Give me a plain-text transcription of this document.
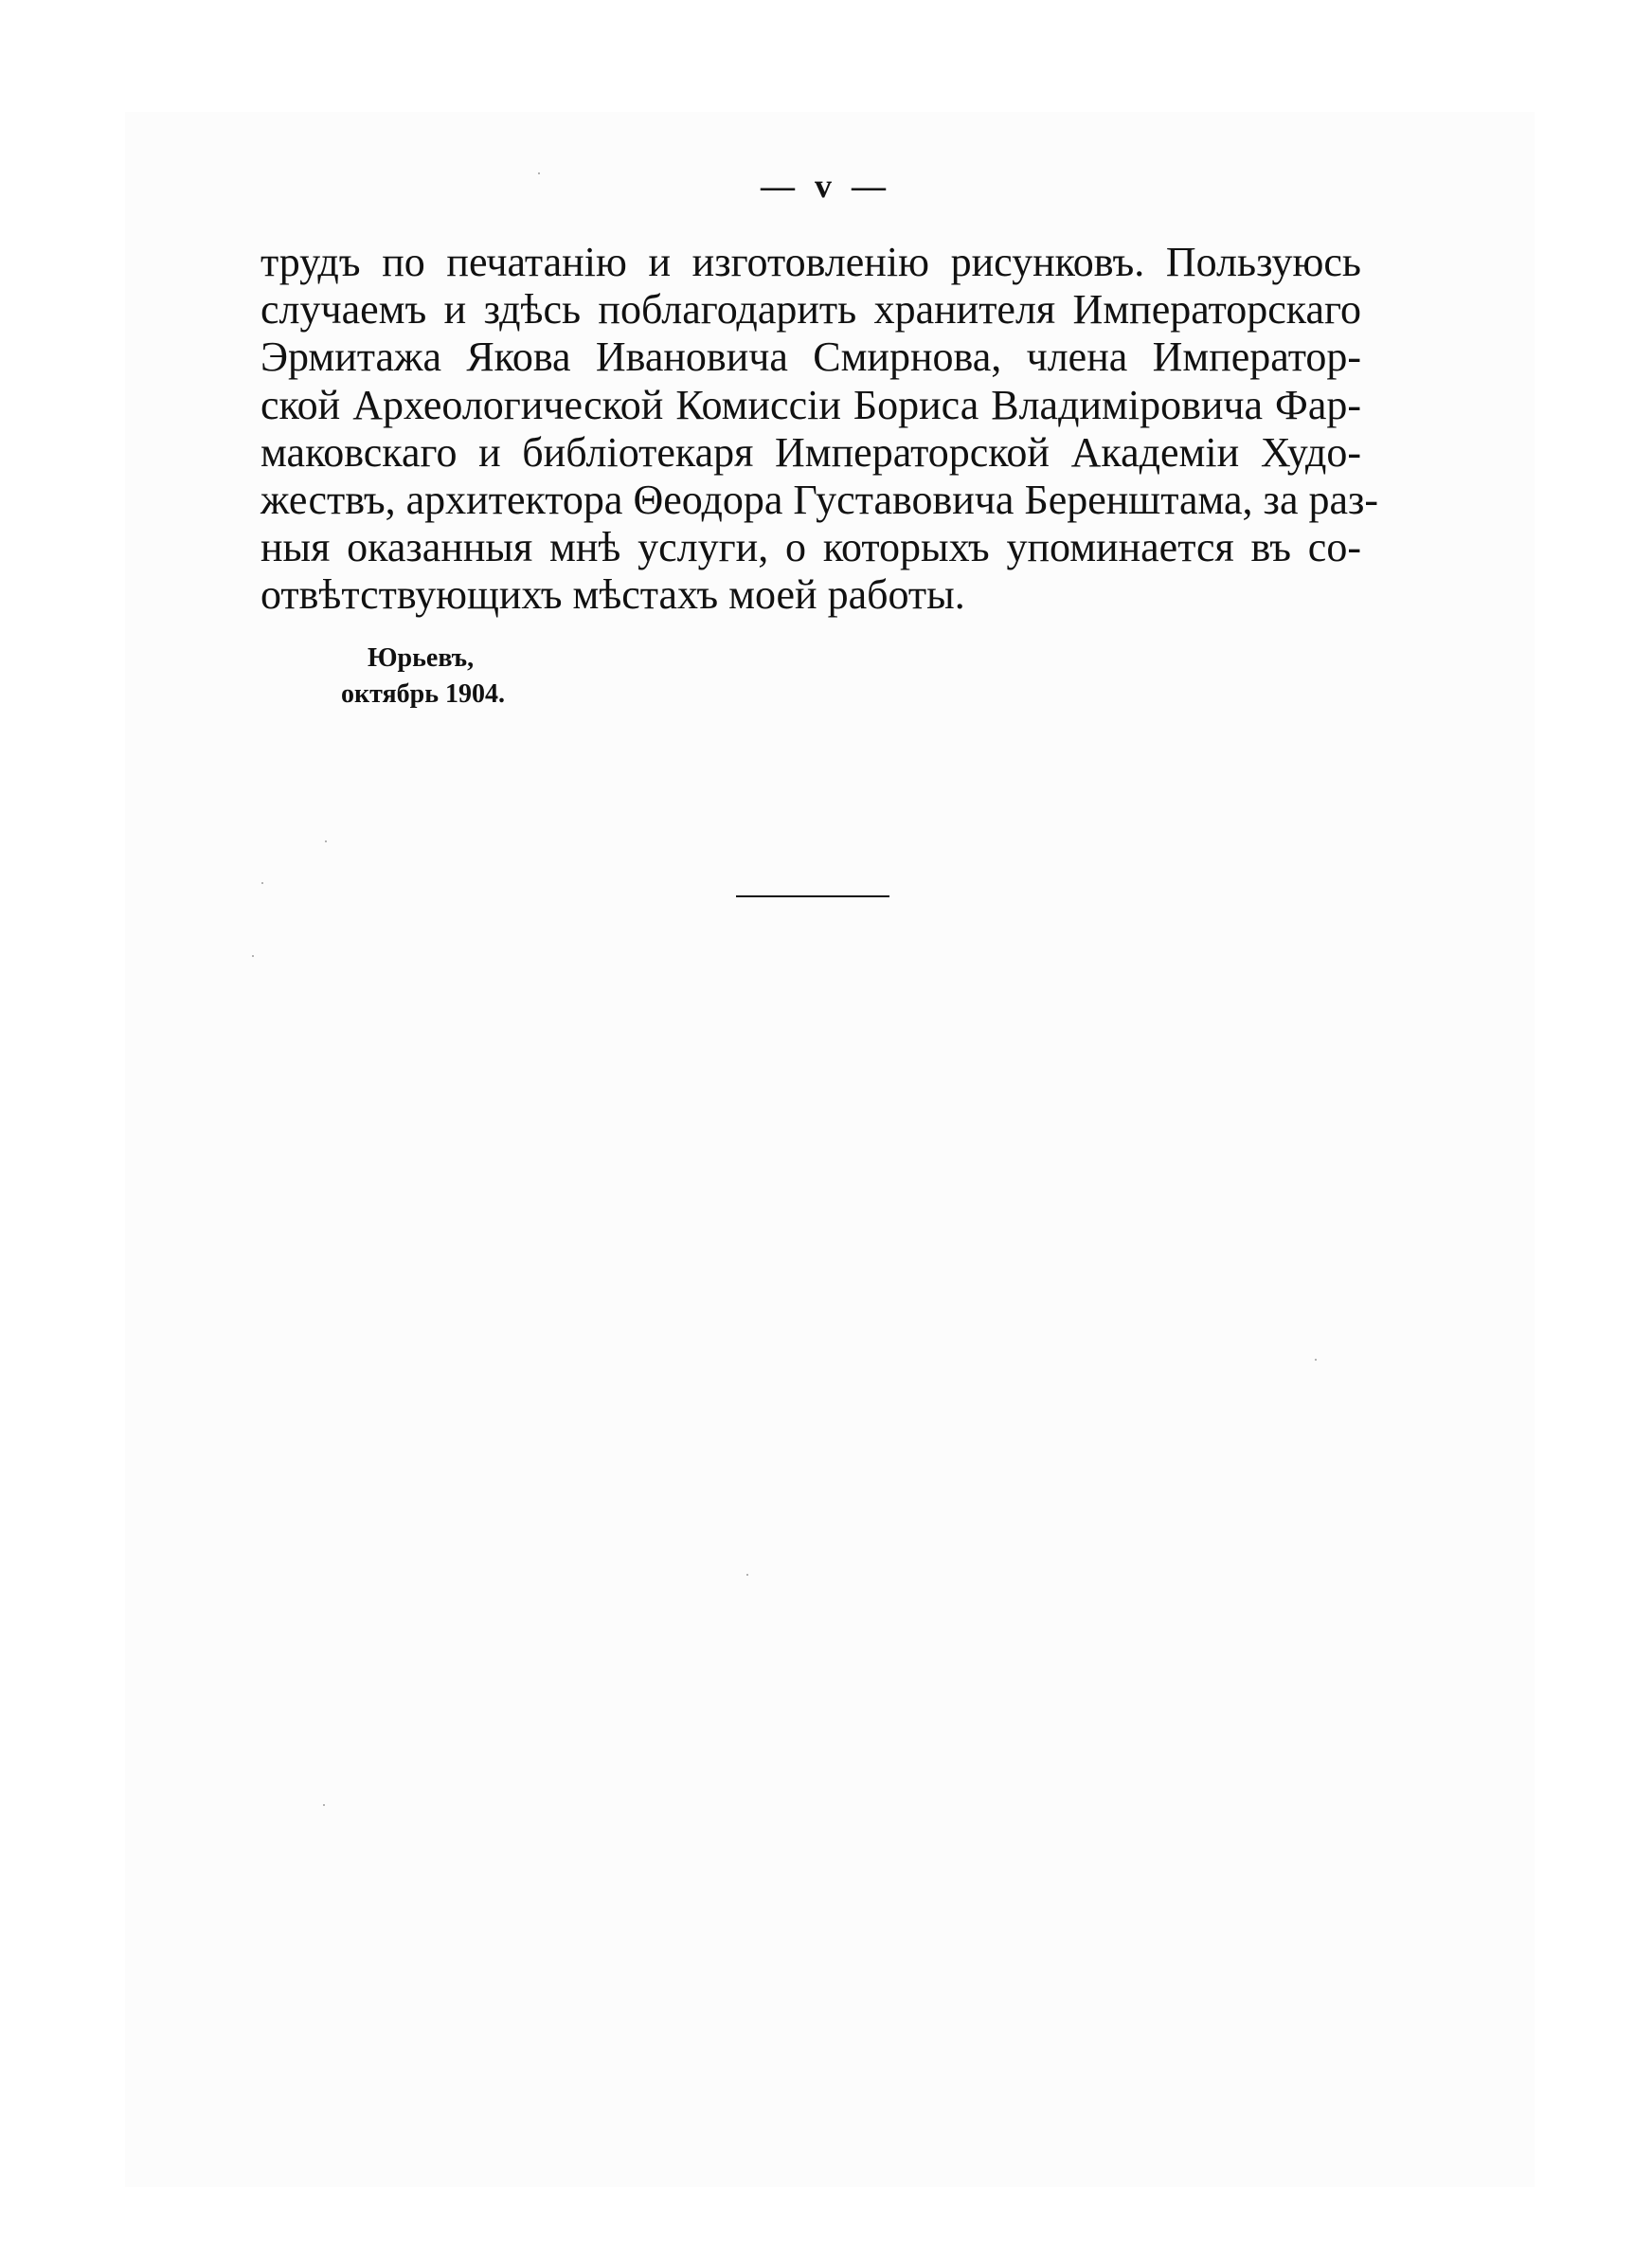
— v —

трудъ по печатанію и изготовленію рисунковъ. Пользуюсь
случаемъ и здѣсь поблагодарить хранителя Императорскаго
Эрмитажа Якова Ивановича Смирнова, члена Император-
ской Археологической Комиссіи Бориса Владиміровича Фар-
маковскаго и библіотекаря Императорской Академіи Худо-
жествъ, архитектора Θеодора Густавовича Беренштама, за раз-
ныя оказанныя мнѣ услуги, о которыхъ упоминается въ со-
отвѣтствующихъ мѣстахъ моей работы.
Юрьевъ,
октябрь 1904.
